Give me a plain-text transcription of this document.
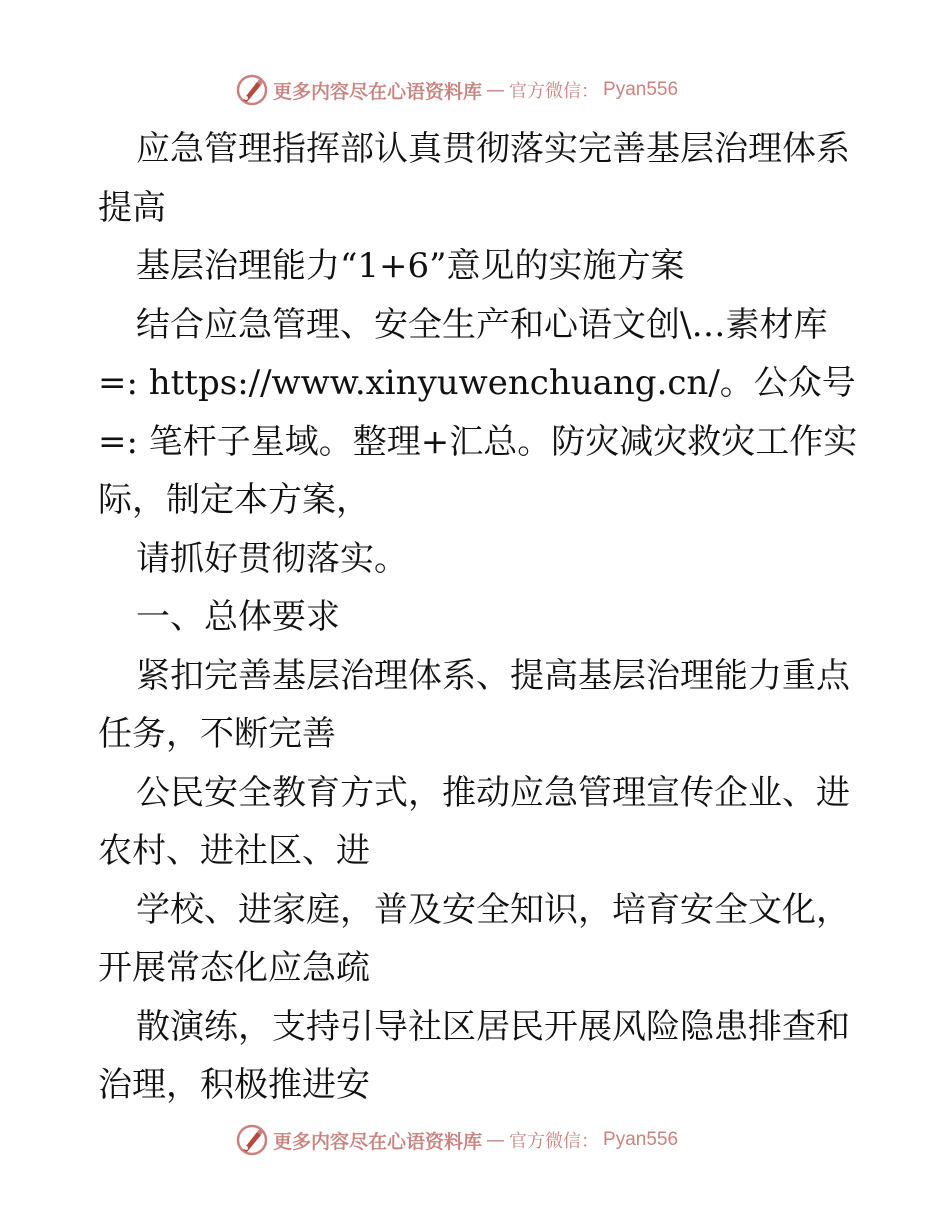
更多内容尽在心语资料库 — 官方微信： Pyan556

应急管理指挥部认真贯彻落实完善基层治理体系提高

基层治理能力“1+6”意见的实施方案

结合应急管理、安全生产和心语文创\…素材库=: https://www.xinyuwenchuang.cn/。公众号=: 笔杆子星域。整理+汇总。防灾减灾救灾工作实

际，制定本方案，

请抓好贯彻落实。

一、总体要求

紧扣完善基层治理体系、提高基层治理能力重点任务，不断完善

公民安全教育方式，推动应急管理宣传企业、进农村、进社区、进

学校、进家庭，普及安全知识，培育安全文化，开展常态化应急疏

散演练，支持引导社区居民开展风险隐患排查和治理，积极推进安

更多内容尽在心语资料库 — 官方微信： Pyan556
